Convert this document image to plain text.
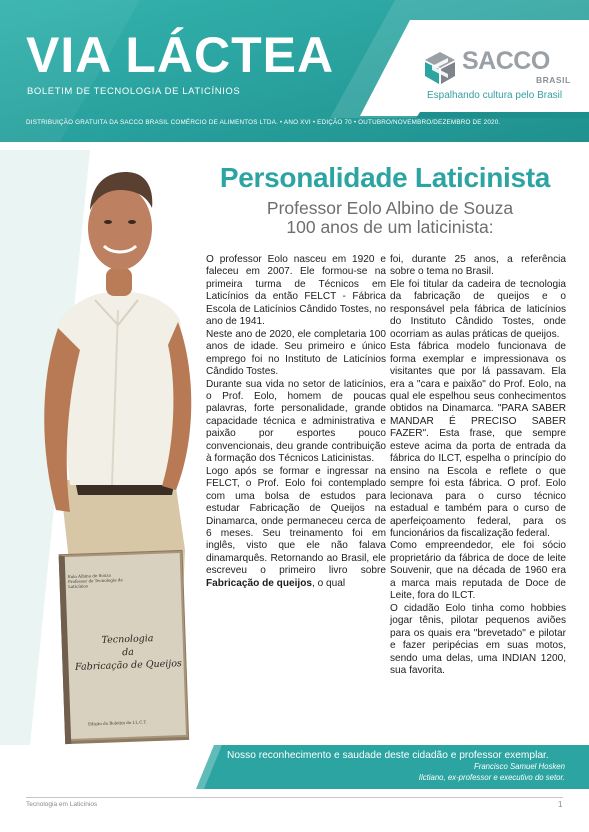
VIA LÁCTEA
BOLETIM DE TECNOLOGIA DE LATICÍNIOS
SACCO
BRASIL
Espalhando cultura pelo Brasil
DISTRIBUIÇÃO GRATUITA DA SACCO BRASIL COMÉRCIO DE ALIMENTOS LTDA. • ANO XVI • EDIÇÃO 70 • OUTUBRO/NOVEMBRO/DEZEMBRO DE 2020.
Eolo Albino de Souza
Professor de Tecnologia de Laticínios
Tecnologia
da
Fabricação de Queijos
Edição do Boletim do I.L.C.T.
Personalidade Laticinista
Professor Eolo Albino de Souza
100 anos de um laticinista:

O professor Eolo nasceu em 1920 e faleceu em 2007. Ele formou-se na primeira turma de Técnicos em Laticínios da então FELCT - Fábrica Escola de Laticínios Cândido Tostes, no ano de 1941.

Neste ano de 2020, ele completaria 100 anos de idade. Seu primeiro e único emprego foi no Instituto de Laticínios Cândido Tostes.

Durante sua vida no setor de laticínios, o Prof. Eolo, homem de poucas palavras, forte personalidade, grande capacidade técnica e administrativa e paixão por esportes pouco convencionais, deu grande contribuição à formação dos Técnicos Laticinistas.

Logo após se formar e ingressar na FELCT, o Prof. Eolo foi contemplado com uma bolsa de estudos para estudar Fabricação de Queijos na Dinamarca, onde permaneceu cerca de 6 meses. Seu treinamento foi em inglês, visto que ele não falava dinamarquês. Retornando ao Brasil, ele escreveu o primeiro livro sobre Fabricação de queijos, o qual

foi, durante 25 anos, a referência sobre o tema no Brasil.

Ele foi titular da cadeira de tecnologia da fabricação de queijos e o responsável pela fábrica de laticínios do Instituto Cândido Tostes, onde ocorriam as aulas práticas de queijos.

Esta fábrica modelo funcionava de forma exemplar e impressionava os visitantes que por lá passavam. Ela era a "cara e paixão" do Prof. Eolo, na qual ele espelhou seus conhecimentos obtidos na Dinamarca. "PARA SABER MANDAR É PRECISO SABER FAZER". Esta frase, que sempre esteve acima da porta de entrada da fábrica do ILCT, espelha o princípio do ensino na Escola e reflete o que sempre foi esta fábrica. O prof. Eolo lecionava para o curso técnico estadual e também para o curso de aperfeiçoamento federal, para os funcionários da fiscalização federal.

Como empreendedor, ele foi sócio proprietário da fábrica de doce de leite Souvenir, que na década de 1960 era a marca mais reputada de Doce de Leite, fora do ILCT.

O cidadão Eolo tinha como hobbies jogar tênis, pilotar pequenos aviões para os quais era "brevetado" e pilotar e fazer peripécias em suas motos, sendo uma delas, uma INDIAN 1200, sua favorita.

Nosso reconhecimento e saudade deste cidadão e professor exemplar.
Francisco Samuel Hosken
Ilctiano, ex-professor e executivo do setor.
Tecnologia em Laticínios	1
